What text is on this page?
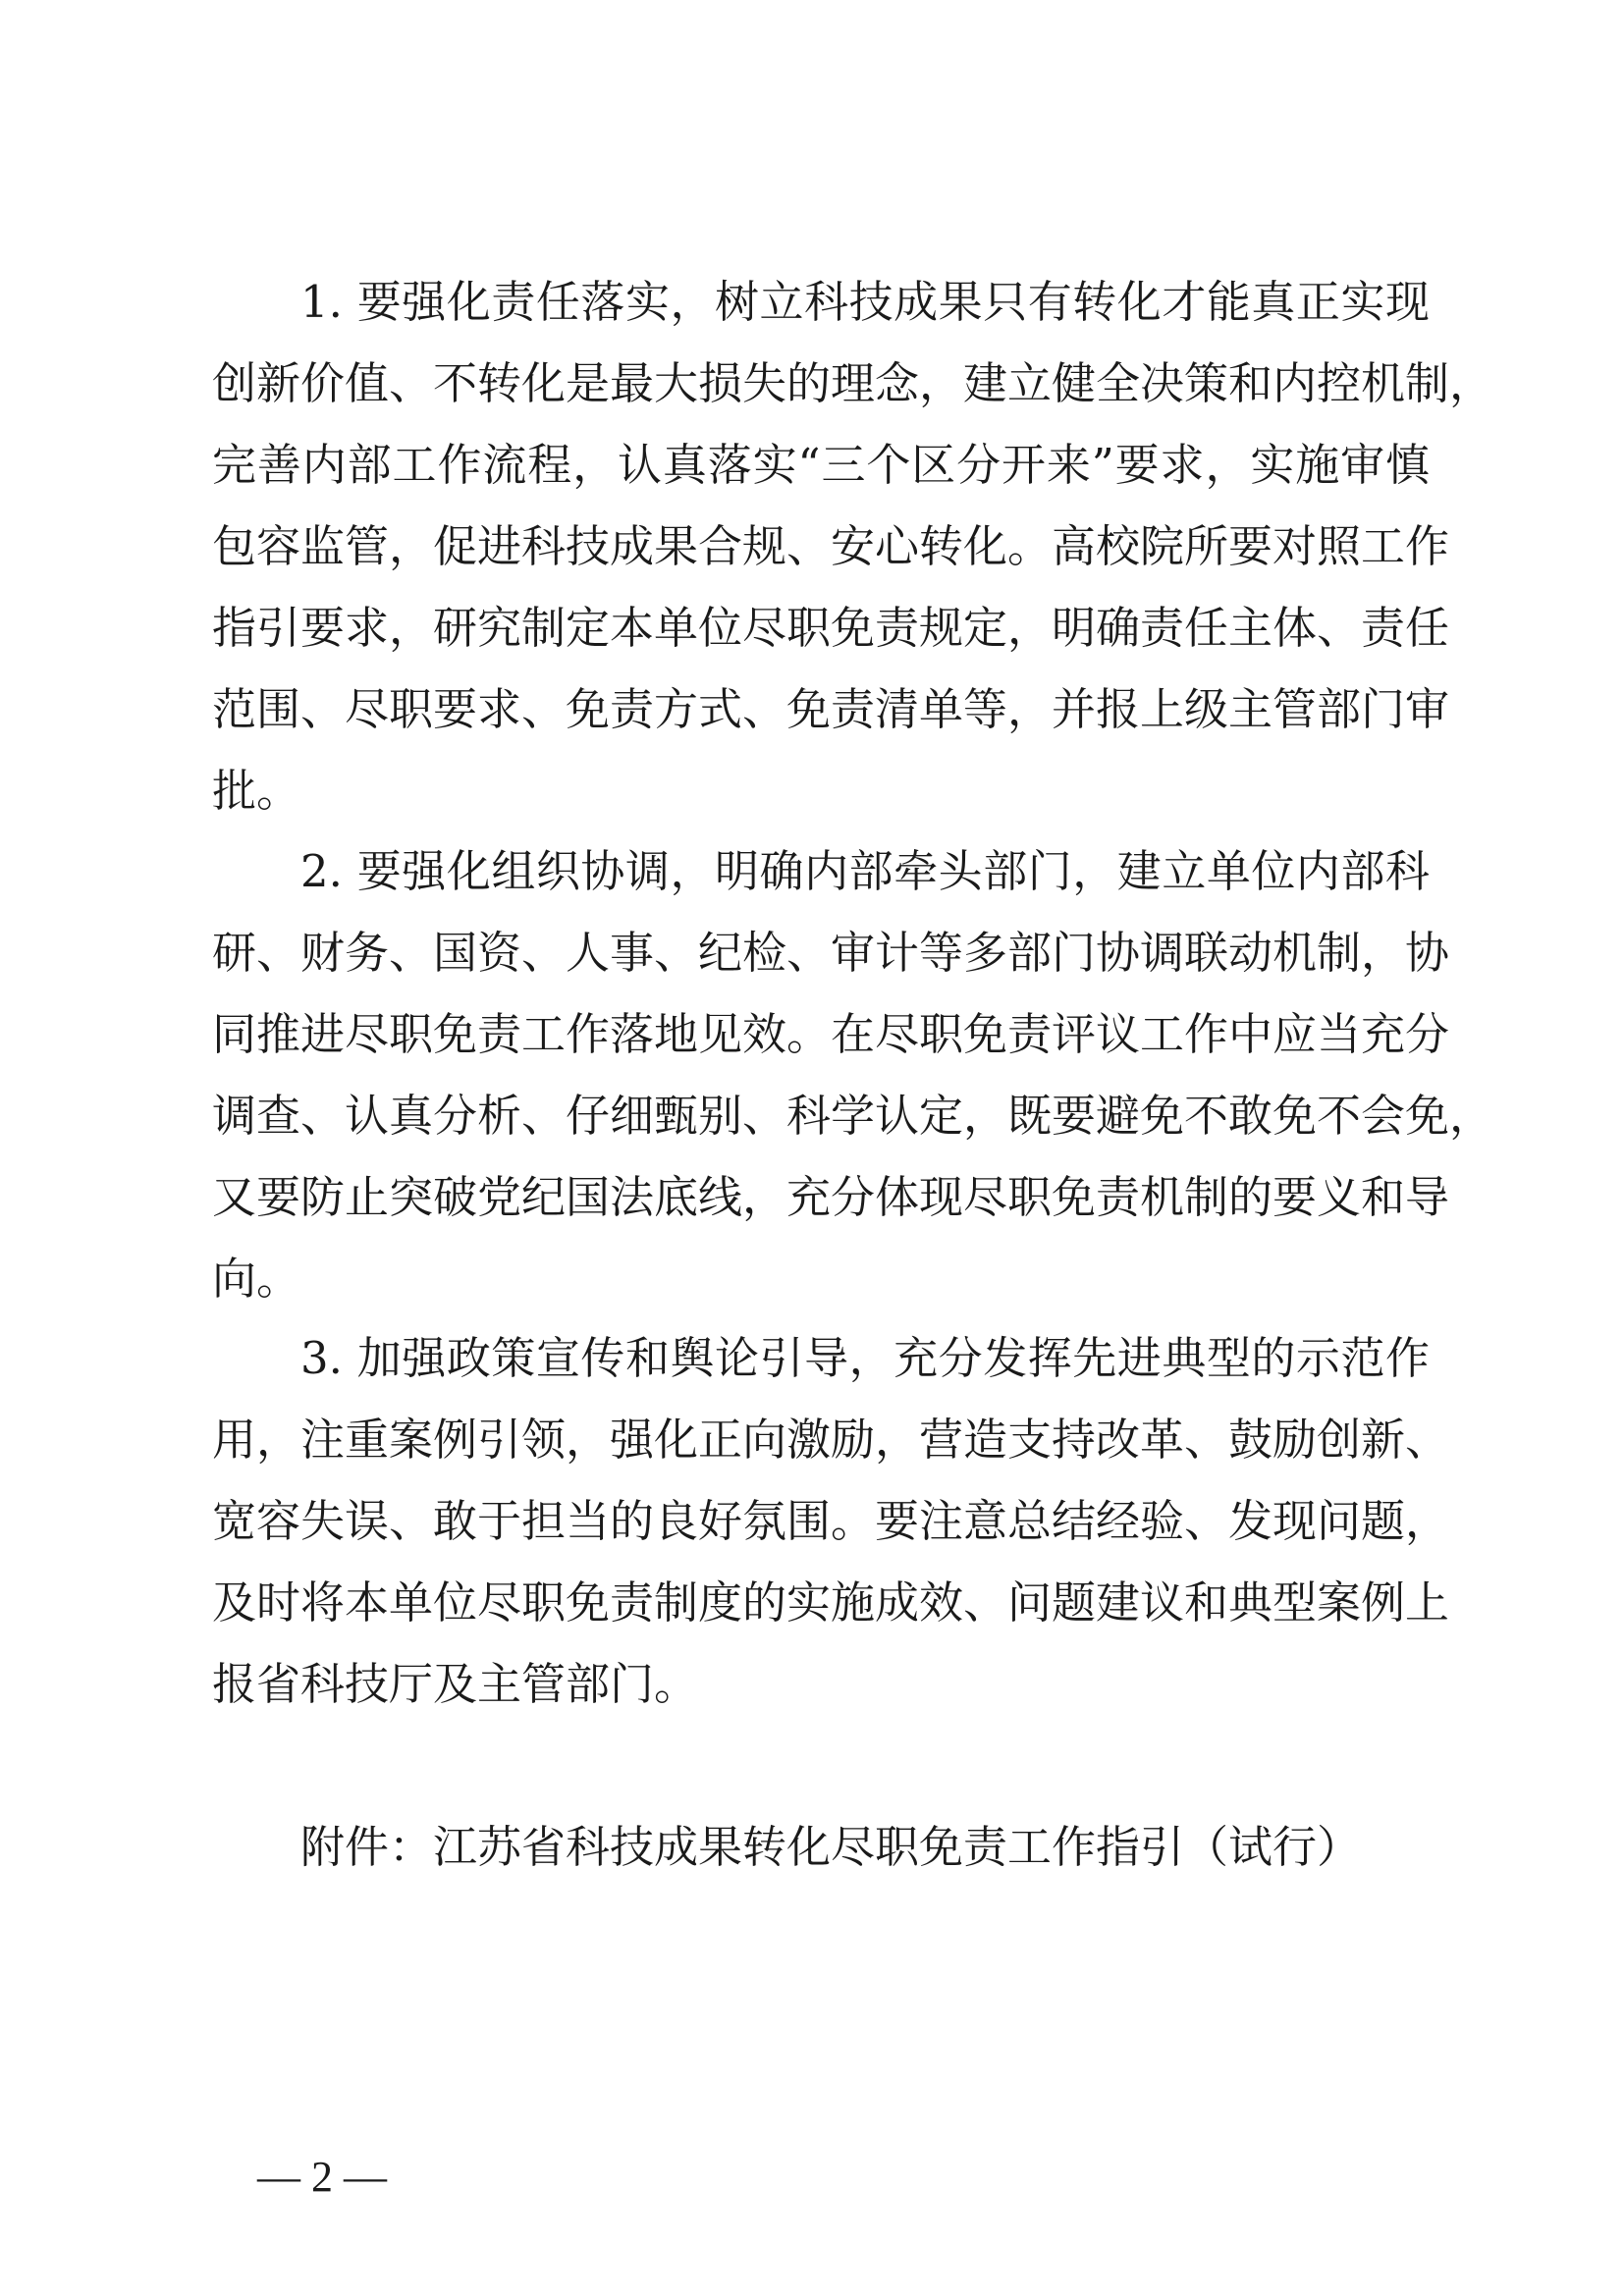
1. 要强化责任落实，树立科技成果只有转化才能真正实现
创新价值、不转化是最大损失的理念，建立健全决策和内控机制，
完善内部工作流程，认真落实“三个区分开来”要求，实施审慎
包容监管，促进科技成果合规、安心转化。高校院所要对照工作
指引要求，研究制定本单位尽职免责规定，明确责任主体、责任
范围、尽职要求、免责方式、免责清单等，并报上级主管部门审
批。
2. 要强化组织协调，明确内部牵头部门，建立单位内部科
研、财务、国资、人事、纪检、审计等多部门协调联动机制，协
同推进尽职免责工作落地见效。在尽职免责评议工作中应当充分
调查、认真分析、仔细甄别、科学认定，既要避免不敢免不会免，
又要防止突破党纪国法底线，充分体现尽职免责机制的要义和导
向。
3. 加强政策宣传和舆论引导，充分发挥先进典型的示范作
用，注重案例引领，强化正向激励，营造支持改革、鼓励创新、
宽容失误、敢于担当的良好氛围。要注意总结经验、发现问题，
及时将本单位尽职免责制度的实施成效、问题建议和典型案例上
报省科技厅及主管部门。
附件：江苏省科技成果转化尽职免责工作指引（试行）
— 2 —
